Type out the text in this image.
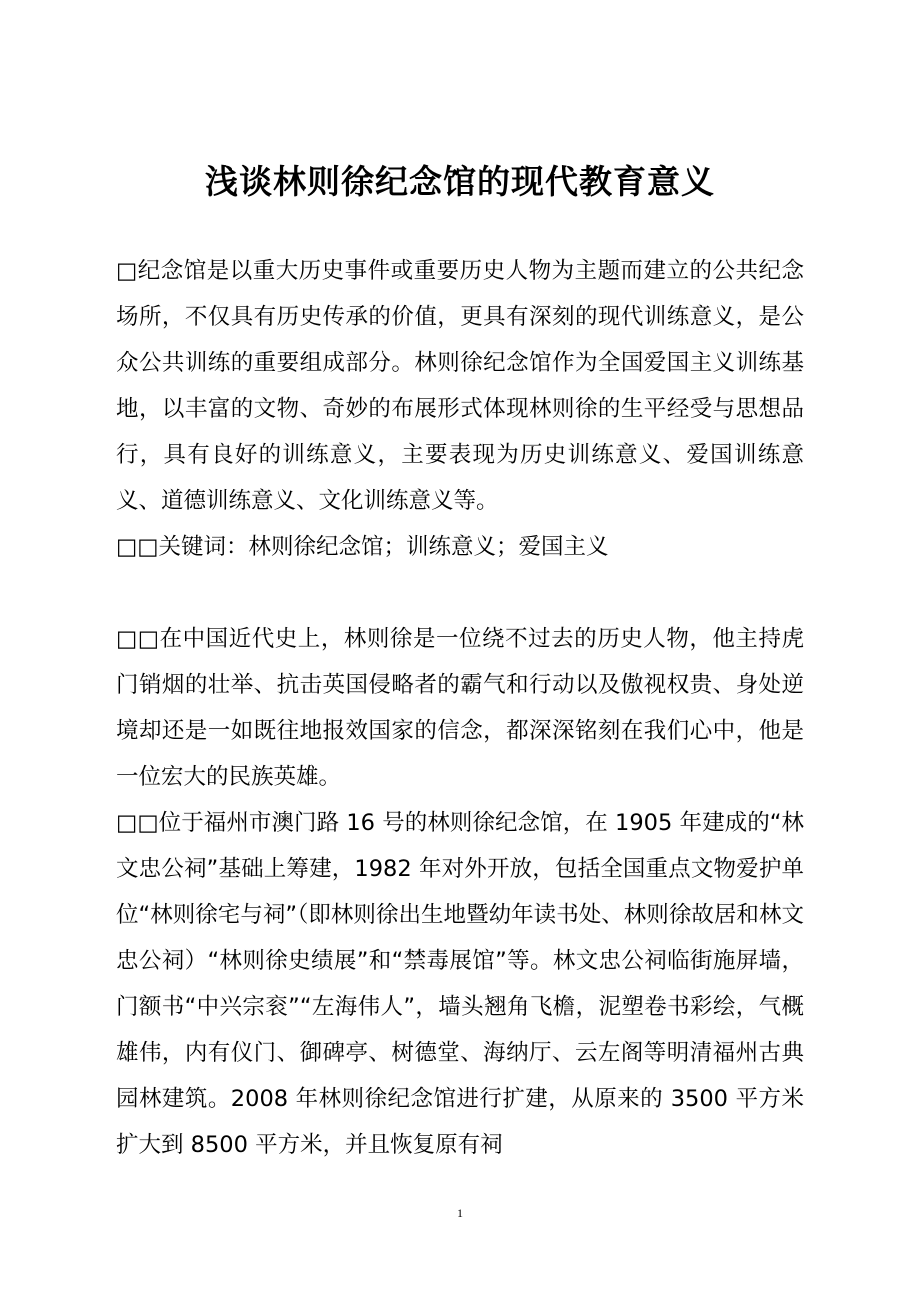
浅谈林则徐纪念馆的现代教育意义

□纪念馆是以重大历史事件或重要历史人物为主题而建立的公共纪念场所，不仅具有历史传承的价值，更具有深刻的现代训练意义，是公众公共训练的重要组成部分。林则徐纪念馆作为全国爱国主义训练基地，以丰富的文物、奇妙的布展形式体现林则徐的生平经受与思想品行，具有良好的训练意义，主要表现为历史训练意义、爱国训练意义、道德训练意义、文化训练意义等。

□□关键词：林则徐纪念馆；训练意义；爱国主义

□□在中国近代史上，林则徐是一位绕不过去的历史人物，他主持虎门销烟的壮举、抗击英国侵略者的霸气和行动以及傲视权贵、身处逆境却还是一如既往地报效国家的信念，都深深铭刻在我们心中，他是一位宏大的民族英雄。

□□位于福州市澳门路 16 号的林则徐纪念馆，在 1905 年建成的“林文忠公祠”基础上筹建，1982 年对外开放，包括全国重点文物爱护单位“林则徐宅与祠”（即林则徐出生地暨幼年读书处、林则徐故居和林文忠公祠）“林则徐史绩展”和“禁毒展馆”等。林文忠公祠临街施屏墙，门额书“中兴宗衮”“左海伟人”，墙头翘角飞檐，泥塑卷书彩绘，气概雄伟，内有仪门、御碑亭、树德堂、海纳厅、云左阁等明清福州古典园林建筑。2008 年林则徐纪念馆进行扩建，从原来的 3500 平方米扩大到 8500 平方米，并且恢复原有祠

1
